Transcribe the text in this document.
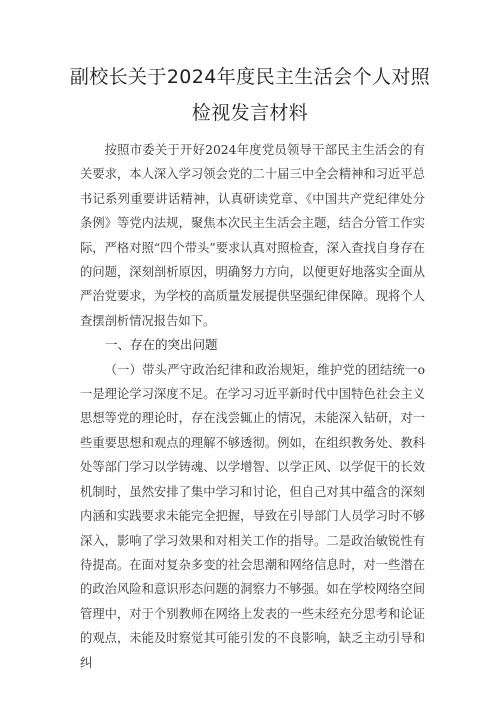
副校长关于2024年度民主生活会个人对照
检视发言材料

按照市委关于开好2024年度党员领导干部民主生活会的有关要求，本人深入学习领会党的二十届三中全会精神和习近平总书记系列重要讲话精神，认真研读党章、《中国共产党纪律处分条例》等党内法规，聚焦本次民主生活会主题，结合分管工作实际，严格对照“四个带头”要求认真对照检查，深入查找自身存在的问题，深刻剖析原因，明确努力方向，以便更好地落实全面从严治党要求，为学校的高质量发展提供坚强纪律保障。现将个人查摆剖析情况报告如下。

一、存在的突出问题

（一）带头严守政治纪律和政治规矩，维护党的团结统一o一是理论学习深度不足。在学习习近平新时代中国特色社会主义思想等党的理论时，存在浅尝辄止的情况，未能深入钻研，对一些重要思想和观点的理解不够透彻。例如，在组织教务处、教科处等部门学习以学铸魂、以学增智、以学正风、以学促干的长效机制时，虽然安排了集中学习和讨论，但自己对其中蕴含的深刻内涵和实践要求未能完全把握，导致在引导部门人员学习时不够深入，影响了学习效果和对相关工作的指导。二是政治敏锐性有待提高。在面对复杂多变的社会思潮和网络信息时，对一些潜在的政治风险和意识形态问题的洞察力不够强。如在学校网络空间管理中，对于个别教师在网络上发表的一些未经充分思考和论证的观点，未能及时察觉其可能引发的不良影响，缺乏主动引导和纠
